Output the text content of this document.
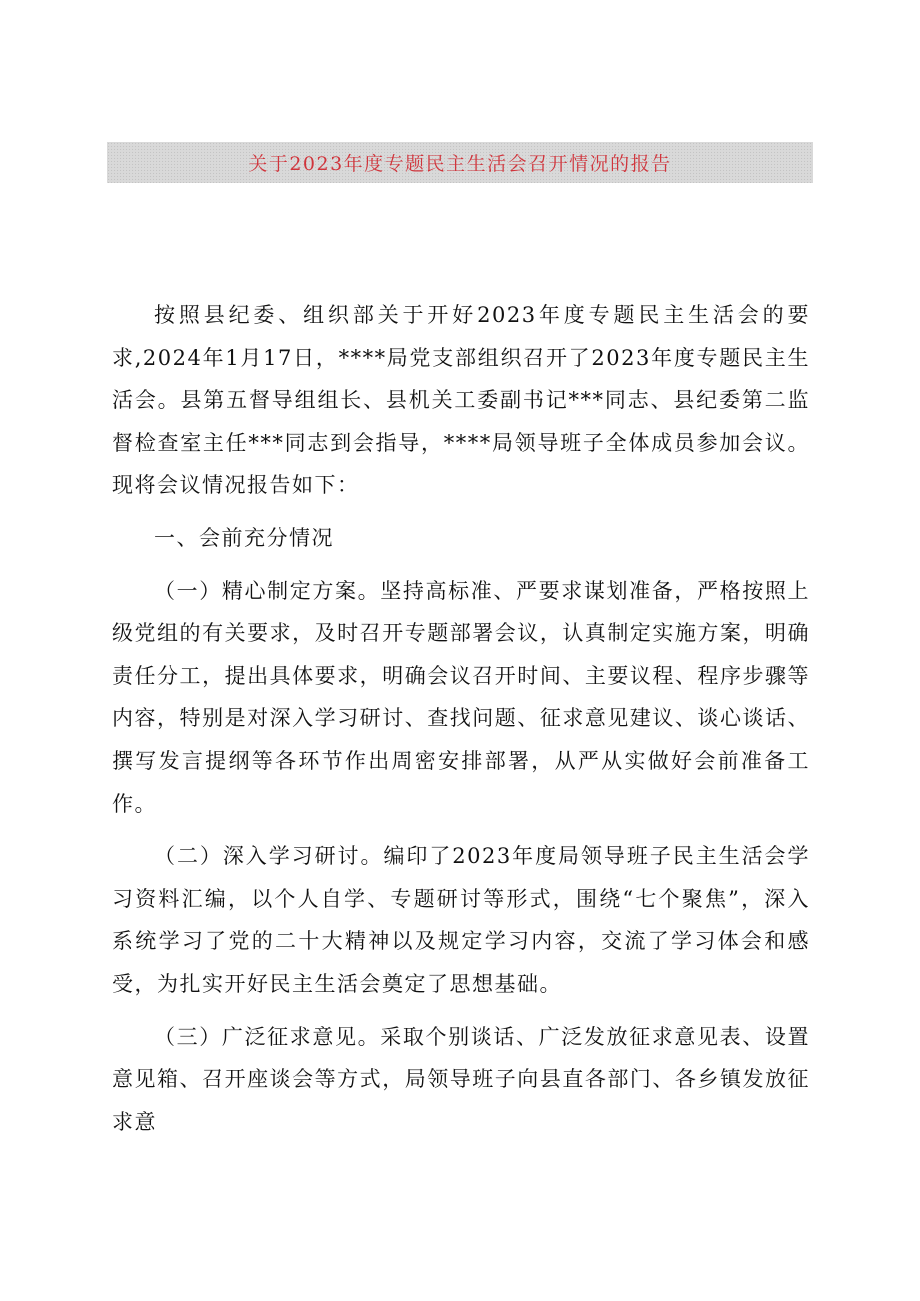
关于2023年度专题民主生活会召开情况的报告

按照县纪委、组织部关于开好2023年度专题民主生活会的要求,2024年1月17日，****局党支部组织召开了2023年度专题民主生活会。县第五督导组组长、县机关工委副书记***同志、县纪委第二监督检查室主任***同志到会指导，****局领导班子全体成员参加会议。现将会议情况报告如下：

一、会前充分情况

（一）精心制定方案。坚持高标准、严要求谋划准备，严格按照上级党组的有关要求，及时召开专题部署会议，认真制定实施方案，明确责任分工，提出具体要求，明确会议召开时间、主要议程、程序步骤等内容，特别是对深入学习研讨、查找问题、征求意见建议、谈心谈话、撰写发言提纲等各环节作出周密安排部署，从严从实做好会前准备工作。

（二）深入学习研讨。编印了2023年度局领导班子民主生活会学习资料汇编，以个人自学、专题研讨等形式，围绕“七个聚焦”，深入系统学习了党的二十大精神以及规定学习内容，交流了学习体会和感受，为扎实开好民主生活会奠定了思想基础。

（三）广泛征求意见。采取个别谈话、广泛发放征求意见表、设置意见箱、召开座谈会等方式，局领导班子向县直各部门、各乡镇发放征求意
